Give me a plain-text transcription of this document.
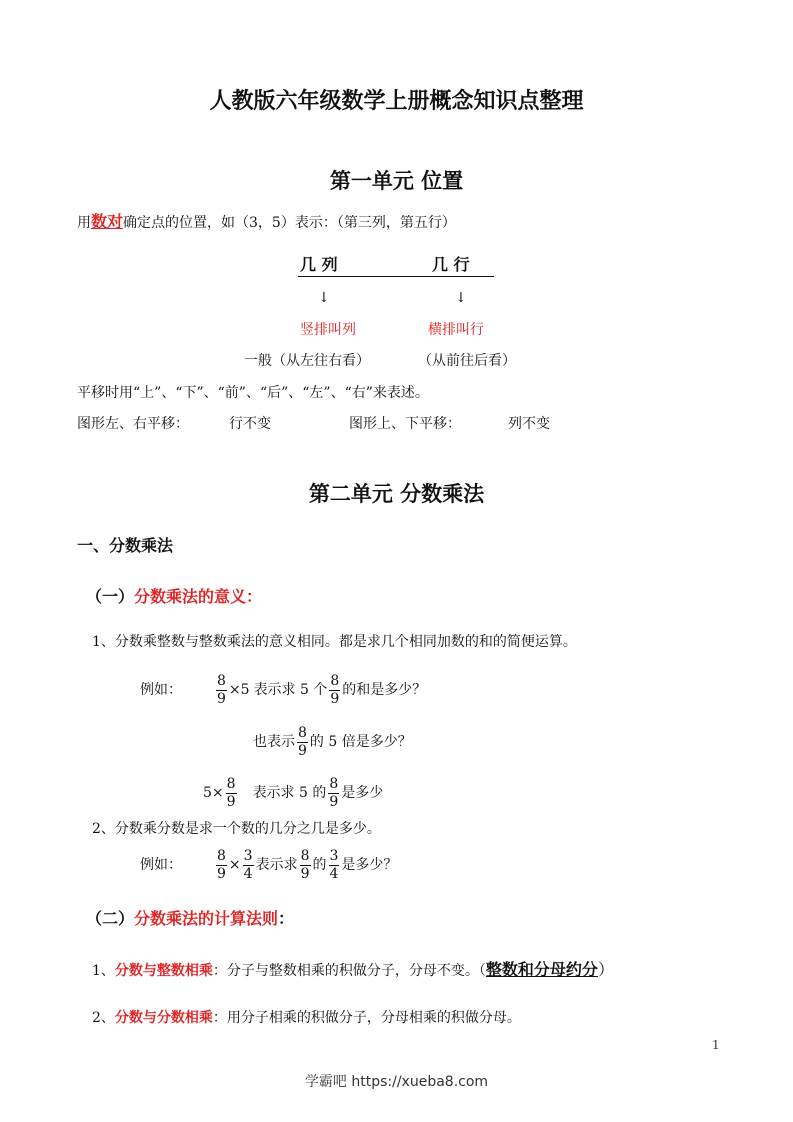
人教版六年级数学上册概念知识点整理
第一单元 位置
用数对确定点的位置，如（3，5）表示：（第三列，第五行）
几 列	几 行
↓	↓
竖排叫列	横排叫行
一般（从左往右看）	（从前往后看）
平移时用“上”、“下”、“前”、“后”、“左”、“右”来表述。
图形左、右平移：	行不变	图形上、下平移：	列不变
第二单元 分数乘法
一、分数乘法
（一）分数乘法的意义：
1、分数乘整数与整数乘法的意义相同。都是求几个相同加数的和的简便运算。
例如： $\frac{8}{9} \times 5$ 表示求 5 个 $\frac{8}{9}$ 的和是多少？
也表示 $\frac{8}{9}$ 的 5 倍是多少？
$5\times \frac{8}{9}$ 表示求 5 的 $\frac{8}{9}$ 是多少
2、分数乘分数是求一个数的几分之几是多少。
例如： $\frac{8}{9} \times \frac{3}{4}$ 表示求 $\frac{8}{9}$ 的 $\frac{3}{4}$ 是多少？
（二）分数乘法的计算法则：
1、分数与整数相乘：分子与整数相乘的积做分子，分母不变。（整数和分母约分）
2、分数与分数相乘：用分子相乘的积做分子，分母相乘的积做分母。
1
学霸吧 https://xueba8.com
